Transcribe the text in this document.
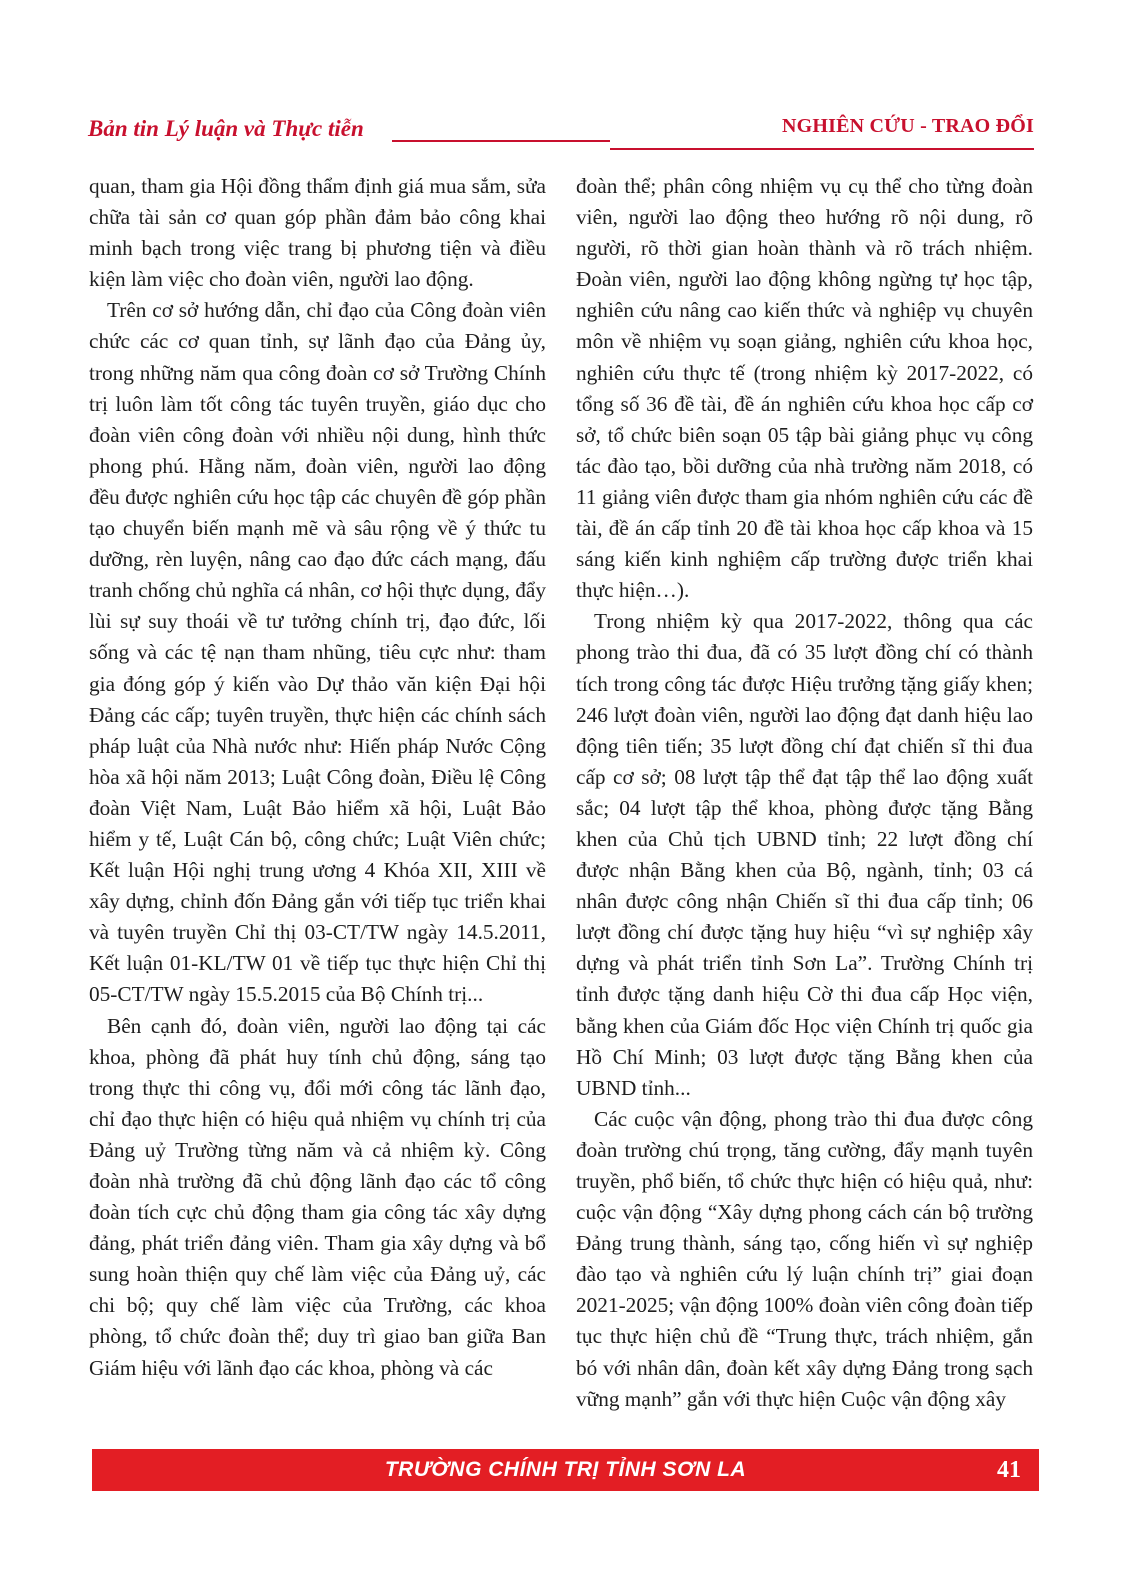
Bản tin Lý luận và Thực tiễn	NGHIÊN CỨU - TRAO ĐỔI

quan, tham gia Hội đồng thẩm định giá mua sắm, sửa chữa tài sản cơ quan góp phần đảm bảo công khai minh bạch trong việc trang bị phương tiện và điều kiện làm việc cho đoàn viên, người lao động.

Trên cơ sở hướng dẫn, chỉ đạo của Công đoàn viên chức các cơ quan tỉnh, sự lãnh đạo của Đảng ủy, trong những năm qua công đoàn cơ sở Trường Chính trị luôn làm tốt công tác tuyên truyền, giáo dục cho đoàn viên công đoàn với nhiều nội dung, hình thức phong phú. Hằng năm, đoàn viên, người lao động đều được nghiên cứu học tập các chuyên đề góp phần tạo chuyển biến mạnh mẽ và sâu rộng về ý thức tu dưỡng, rèn luyện, nâng cao đạo đức cách mạng, đấu tranh chống chủ nghĩa cá nhân, cơ hội thực dụng, đẩy lùi sự suy thoái về tư tưởng chính trị, đạo đức, lối sống và các tệ nạn tham nhũng, tiêu cực như: tham gia đóng góp ý kiến vào Dự thảo văn kiện Đại hội Đảng các cấp; tuyên truyền, thực hiện các chính sách pháp luật của Nhà nước như: Hiến pháp Nước Cộng hòa xã hội năm 2013; Luật Công đoàn, Điều lệ Công đoàn Việt Nam, Luật Bảo hiểm xã hội, Luật Bảo hiểm y tế, Luật Cán bộ, công chức; Luật Viên chức; Kết luận Hội nghị trung ương 4 Khóa XII, XIII về xây dựng, chỉnh đốn Đảng gắn với tiếp tục triển khai và tuyên truyền Chỉ thị 03-CT/TW ngày 14.5.2011, Kết luận 01-KL/TW 01 về tiếp tục thực hiện Chỉ thị 05-CT/TW ngày 15.5.2015 của Bộ Chính trị...

Bên cạnh đó, đoàn viên, người lao động tại các khoa, phòng đã phát huy tính chủ động, sáng tạo trong thực thi công vụ, đổi mới công tác lãnh đạo, chỉ đạo thực hiện có hiệu quả nhiệm vụ chính trị của Đảng uỷ Trường từng năm và cả nhiệm kỳ. Công đoàn nhà trường đã chủ động lãnh đạo các tổ công đoàn tích cực chủ động tham gia công tác xây dựng đảng, phát triển đảng viên. Tham gia xây dựng và bổ sung hoàn thiện quy chế làm việc của Đảng uỷ, các chi bộ; quy chế làm việc của Trường, các khoa phòng, tổ chức đoàn thể; duy trì giao ban giữa Ban Giám hiệu với lãnh đạo các khoa, phòng và các

đoàn thể; phân công nhiệm vụ cụ thể cho từng đoàn viên, người lao động theo hướng rõ nội dung, rõ người, rõ thời gian hoàn thành và rõ trách nhiệm. Đoàn viên, người lao động không ngừng tự học tập, nghiên cứu nâng cao kiến thức và nghiệp vụ chuyên môn về nhiệm vụ soạn giảng, nghiên cứu khoa học, nghiên cứu thực tế (trong nhiệm kỳ 2017-2022, có tổng số 36 đề tài, đề án nghiên cứu khoa học cấp cơ sở, tổ chức biên soạn 05 tập bài giảng phục vụ công tác đào tạo, bồi dưỡng của nhà trường năm 2018, có 11 giảng viên được tham gia nhóm nghiên cứu các đề tài, đề án cấp tỉnh 20 đề tài khoa học cấp khoa và 15 sáng kiến kinh nghiệm cấp trường được triển khai thực hiện…).

Trong nhiệm kỳ qua 2017-2022, thông qua các phong trào thi đua, đã có 35 lượt đồng chí có thành tích trong công tác được Hiệu trưởng tặng giấy khen; 246 lượt đoàn viên, người lao động đạt danh hiệu lao động tiên tiến; 35 lượt đồng chí đạt chiến sĩ thi đua cấp cơ sở; 08 lượt tập thể đạt tập thể lao động xuất sắc; 04 lượt tập thể khoa, phòng được tặng Bằng khen của Chủ tịch UBND tỉnh; 22 lượt đồng chí được nhận Bằng khen của Bộ, ngành, tỉnh; 03 cá nhân được công nhận Chiến sĩ thi đua cấp tỉnh; 06 lượt đồng chí được tặng huy hiệu “vì sự nghiệp xây dựng và phát triển tỉnh Sơn La”. Trường Chính trị tỉnh được tặng danh hiệu Cờ thi đua cấp Học viện, bằng khen của Giám đốc Học viện Chính trị quốc gia Hồ Chí Minh; 03 lượt được tặng Bằng khen của UBND tỉnh...

Các cuộc vận động, phong trào thi đua được công đoàn trường chú trọng, tăng cường, đẩy mạnh tuyên truyền, phổ biến, tổ chức thực hiện có hiệu quả, như: cuộc vận động “Xây dựng phong cách cán bộ trường Đảng trung thành, sáng tạo, cống hiến vì sự nghiệp đào tạo và nghiên cứu lý luận chính trị” giai đoạn 2021-2025; vận động 100% đoàn viên công đoàn tiếp tục thực hiện chủ đề “Trung thực, trách nhiệm, gắn bó với nhân dân, đoàn kết xây dựng Đảng trong sạch vững mạnh” gắn với thực hiện Cuộc vận động xây

TRƯỜNG CHÍNH TRỊ TỈNH SƠN LA	41
